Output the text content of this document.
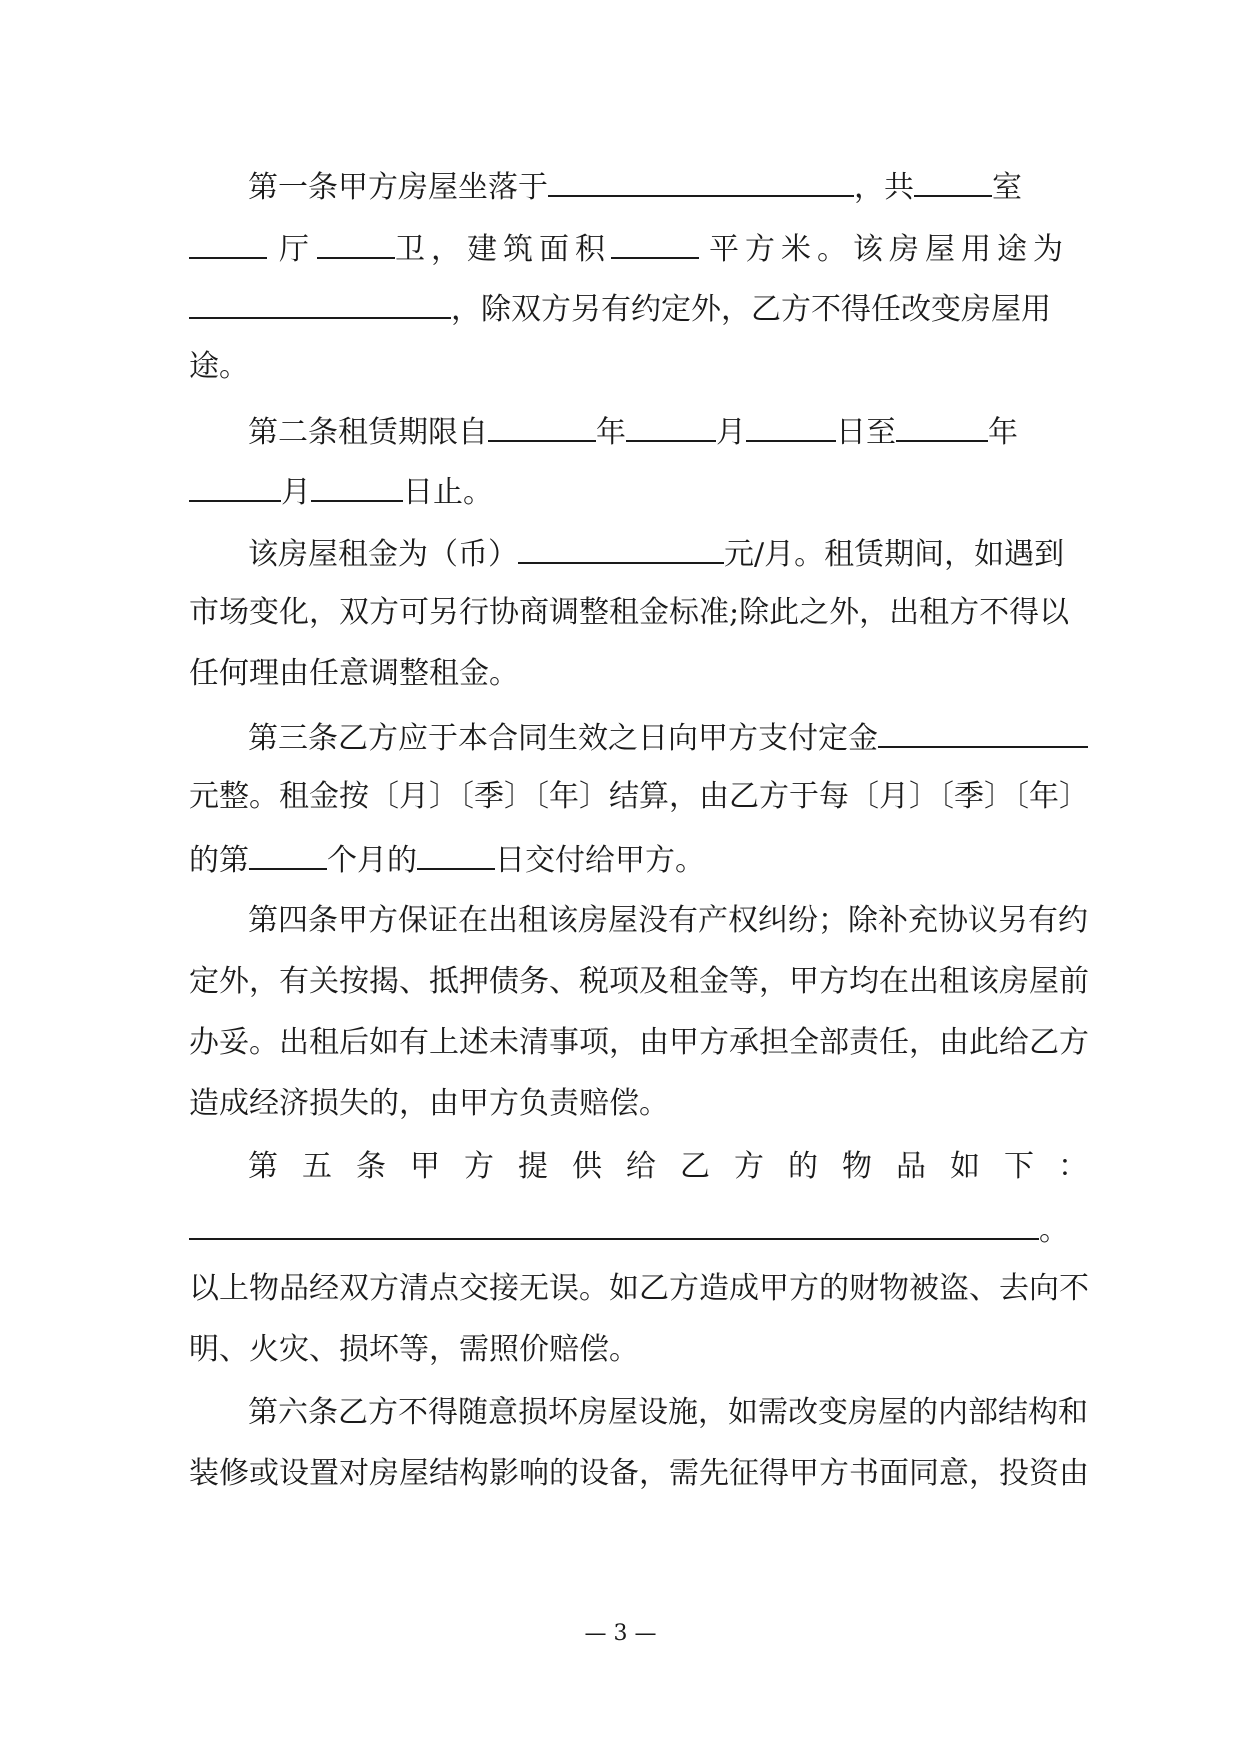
第一条甲方房屋坐落于	，共	室
厅	卫，建筑面积	平方米。该房屋用途为
，除双方另有约定外，乙方不得任改变房屋用
途。
第二条租赁期限自	年	月	日至	年
月	日止。
该房屋租金为（币）	元/月。租赁期间，如遇到
市场变化，双方可另行协商调整租金标准;除此之外，出租方不得以
任何理由任意调整租金。
第三条乙方应于本合同生效之日向甲方支付定金
元整。租金按〔月〕〔季〕〔年〕结算，由乙方于每〔月〕〔季〕〔年〕
的第	个月的	日交付给甲方。
第四条甲方保证在出租该房屋没有产权纠纷；除补充协议另有约
定外，有关按揭、抵押债务、税项及租金等，甲方均在出租该房屋前
办妥。出租后如有上述未清事项，由甲方承担全部责任，由此给乙方
造成经济损失的，由甲方负责赔偿。
第五条甲方提供给乙方的物品如下：
。
以上物品经双方清点交接无误。如乙方造成甲方的财物被盗、去向不
明、火灾、损坏等，需照价赔偿。
第六条乙方不得随意损坏房屋设施，如需改变房屋的内部结构和
装修或设置对房屋结构影响的设备，需先征得甲方书面同意，投资由
— 3 —
